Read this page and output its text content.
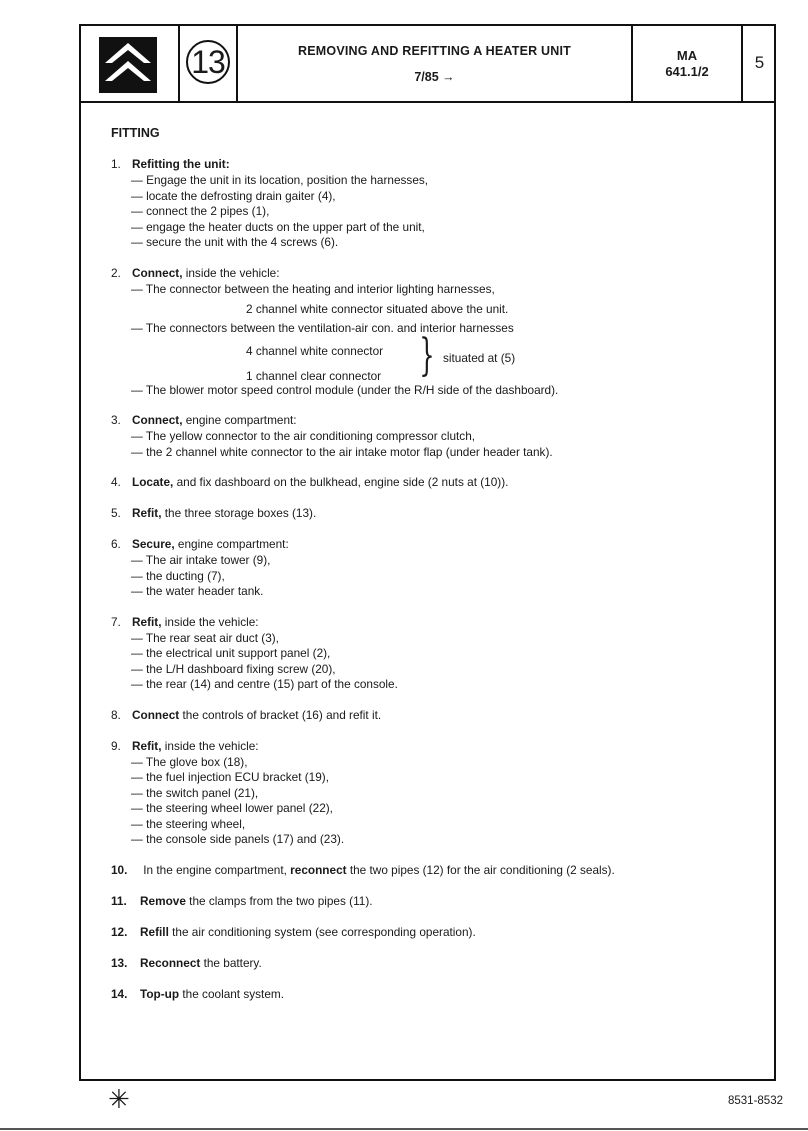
13	REMOVING AND REFITTING A HEATER UNIT
7/85 →
MA
641.1/2	5
FITTING
1. Refitting the unit:
— Engage the unit in its location, position the harnesses,
— locate the defrosting drain gaiter (4),
— connect the 2 pipes (1),
— engage the heater ducts on the upper part of the unit,
— secure the unit with the 4 screws (6).
2. Connect, inside the vehicle:
— The connector between the heating and interior lighting harnesses,
2 channel white connector situated above the unit.
— The connectors between the ventilation-air con. and interior harnesses
4 channel white connector
1 channel clear connector } situated at (5)
— The blower motor speed control module (under the R/H side of the dashboard).
3. Connect, engine compartment:
— The yellow connector to the air conditioning compressor clutch,
— the 2 channel white connector to the air intake motor flap (under header tank).
4. Locate, and fix dashboard on the bulkhead, engine side (2 nuts at (10)).
5. Refit, the three storage boxes (13).
6. Secure, engine compartment:
— The air intake tower (9),
— the ducting (7),
— the water header tank.
7. Refit, inside the vehicle:
— The rear seat air duct (3),
— the electrical unit support panel (2),
— the L/H dashboard fixing screw (20),
— the rear (14) and centre (15) part of the console.
8. Connect the controls of bracket (16) and refit it.
9. Refit, inside the vehicle:
— The glove box (18),
— the fuel injection ECU bracket (19),
— the switch panel (21),
— the steering wheel lower panel (22),
— the steering wheel,
— the console side panels (17) and (23).
10. In the engine compartment, reconnect the two pipes (12) for the air conditioning (2 seals).
11. Remove the clamps from the two pipes (11).
12. Refill the air conditioning system (see corresponding operation).
13. Reconnect the battery.
14. Top-up the coolant system.
✳	8531-8532
